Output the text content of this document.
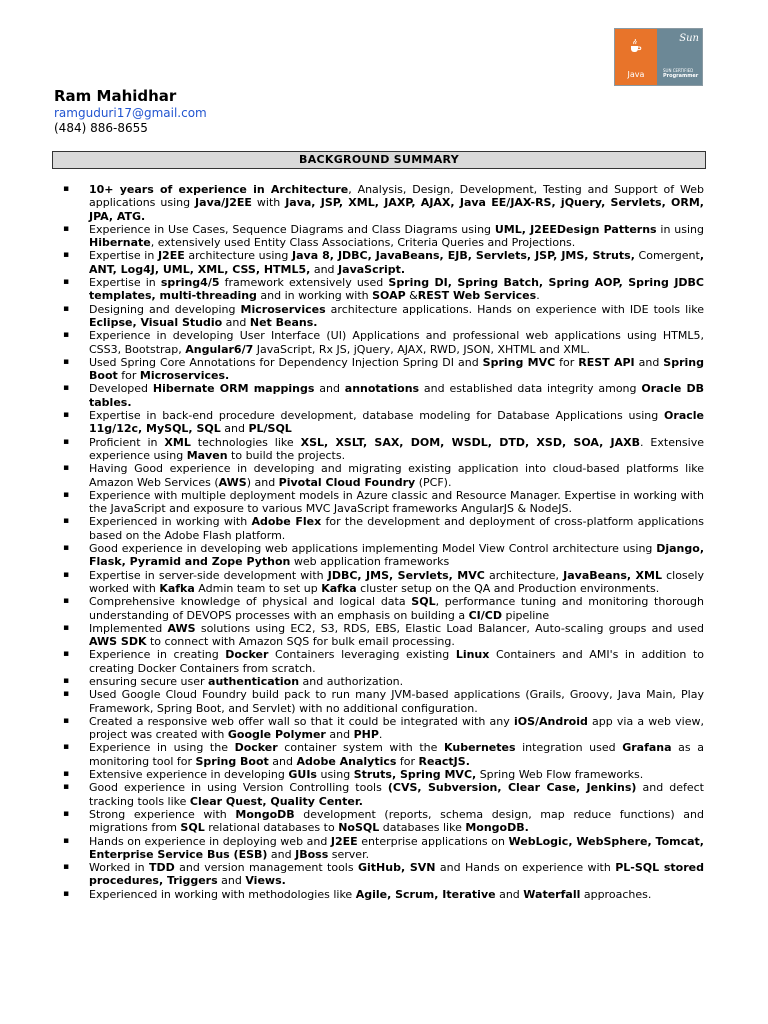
Java
Sun
SUN CERTIFIED
Programmer
Ram Mahidhar
ramguduri17@gmail.com
(484) 886-8655
BACKGROUND SUMMARY
▪ 10+ years of experience in Architecture, Analysis, Design, Development, Testing and Support of Web applications using Java/J2EE with Java, JSP, XML, JAXP, AJAX, Java EE/JAX-RS, jQuery, Servlets, ORM, JPA, ATG.
▪ Experience in Use Cases, Sequence Diagrams and Class Diagrams using UML, J2EEDesign Patterns in using Hibernate, extensively used Entity Class Associations, Criteria Queries and Projections.
▪ Expertise in J2EE architecture using Java 8, JDBC, JavaBeans, EJB, Servlets, JSP, JMS, Struts, Comergent, ANT, Log4J, UML, XML, CSS, HTML5, and JavaScript.
▪ Expertise in spring4/5 framework extensively used Spring DI, Spring Batch, Spring AOP, Spring JDBC templates, multi-threading and in working with SOAP &REST Web Services.
▪ Designing and developing Microservices architecture applications. Hands on experience with IDE tools like Eclipse, Visual Studio and Net Beans.
▪ Experience in developing User Interface (UI) Applications and professional web applications using HTML5, CSS3, Bootstrap, Angular6/7 JavaScript, Rx JS, jQuery, AJAX, RWD, JSON, XHTML and XML.
▪ Used Spring Core Annotations for Dependency Injection Spring DI and Spring MVC for REST API and Spring Boot for Microservices.
▪ Developed Hibernate ORM mappings and annotations and established data integrity among Oracle DB tables.
▪ Expertise in back-end procedure development, database modeling for Database Applications using Oracle 11g/12c, MySQL, SQL and PL/SQL
▪ Proficient in XML technologies like XSL, XSLT, SAX, DOM, WSDL, DTD, XSD, SOA, JAXB. Extensive experience using Maven to build the projects.
▪ Having Good experience in developing and migrating existing application into cloud-based platforms like Amazon Web Services (AWS) and Pivotal Cloud Foundry (PCF).
▪ Experience with multiple deployment models in Azure classic and Resource Manager. Expertise in working with the JavaScript and exposure to various MVC JavaScript frameworks AngularJS & NodeJS.
▪ Experienced in working with Adobe Flex for the development and deployment of cross-platform applications based on the Adobe Flash platform.
▪ Good experience in developing web applications implementing Model View Control architecture using Django, Flask, Pyramid and Zope Python web application frameworks
▪ Expertise in server-side development with JDBC, JMS, Servlets, MVC architecture, JavaBeans, XML closely worked with Kafka Admin team to set up Kafka cluster setup on the QA and Production environments.
▪ Comprehensive knowledge of physical and logical data SQL, performance tuning and monitoring thorough understanding of DEVOPS processes with an emphasis on building a CI/CD pipeline
▪ Implemented AWS solutions using EC2, S3, RDS, EBS, Elastic Load Balancer, Auto-scaling groups and used AWS SDK to connect with Amazon SQS for bulk email processing.
▪ Experience in creating Docker Containers leveraging existing Linux Containers and AMI's in addition to creating Docker Containers from scratch.
▪ ensuring secure user authentication and authorization.
▪ Used Google Cloud Foundry build pack to run many JVM-based applications (Grails, Groovy, Java Main, Play Framework, Spring Boot, and Servlet) with no additional configuration.
▪ Created a responsive web offer wall so that it could be integrated with any iOS/Android app via a web view, project was created with Google Polymer and PHP.
▪ Experience in using the Docker container system with the Kubernetes integration used Grafana as a monitoring tool for Spring Boot and Adobe Analytics for ReactJS.
▪ Extensive experience in developing GUIs using Struts, Spring MVC, Spring Web Flow frameworks.
▪ Good experience in using Version Controlling tools (CVS, Subversion, Clear Case, Jenkins) and defect tracking tools like Clear Quest, Quality Center.
▪ Strong experience with MongoDB development (reports, schema design, map reduce functions) and migrations from SQL relational databases to NoSQL databases like MongoDB.
▪ Hands on experience in deploying web and J2EE enterprise applications on WebLogic, WebSphere, Tomcat, Enterprise Service Bus (ESB) and JBoss server.
▪ Worked in TDD and version management tools GitHub, SVN and Hands on experience with PL-SQL stored procedures, Triggers and Views.
▪ Experienced in working with methodologies like Agile, Scrum, Iterative and Waterfall approaches.
